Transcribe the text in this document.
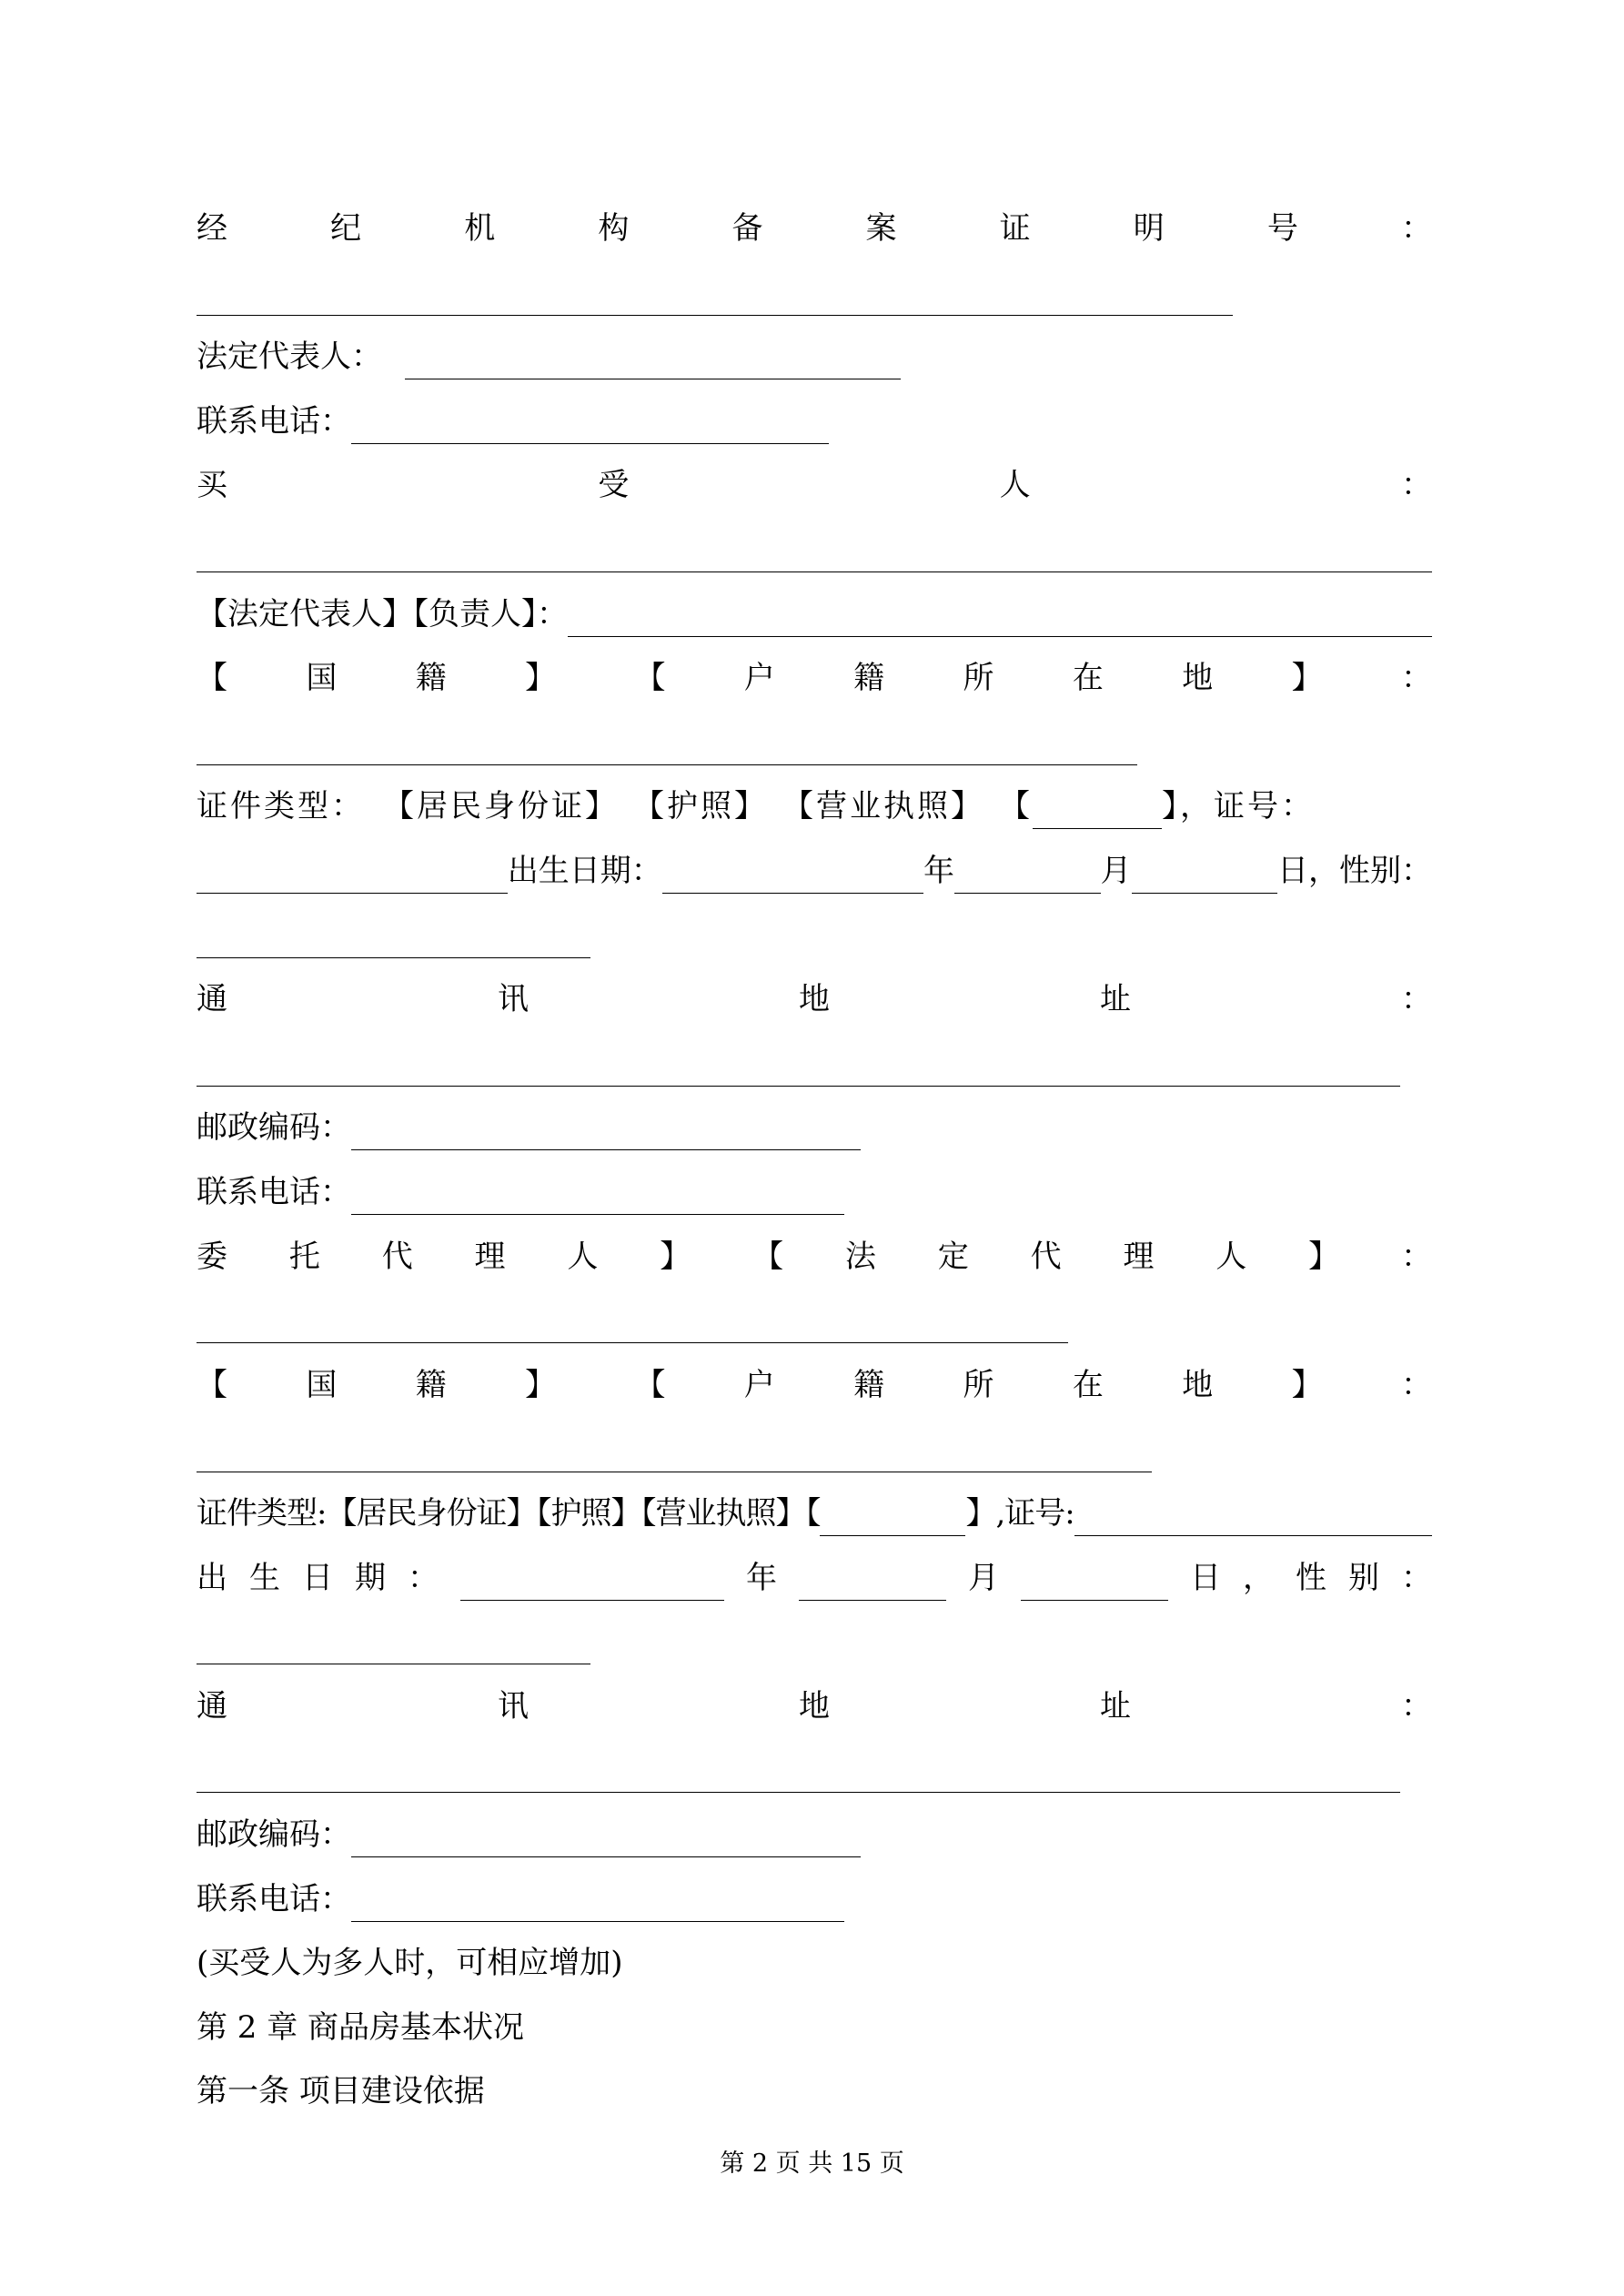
经	纪	机	构	备	案	证	明	号	：
法定代表人：
联系电话：
买	受	人	：
【法定代表人】【负责人】：
【	国	籍	】	【	户	籍	所	在	地	】	：
证件类型： 【居民身份证】 【护照】 【营业执照】 【	】，证号：
出生日期：	年	月	日，性别：
通	讯	地	址	：
邮政编码：
联系电话：
委 托 代 理 人 】 【 法 定 代 理 人 】 ：
【	国	籍	】	【	户	籍	所	在	地	】	：
证件类型:【居民身份证】【护照】【营业执照】【	】,证号:
出 生 日 期 ：	年	月	日 ， 性 别 ：
通	讯	地	址	：
邮政编码：
联系电话：
(买受人为多人时，可相应增加)
第 2 章 商品房基本状况
第一条 项目建设依据
第 2 页 共 15 页
